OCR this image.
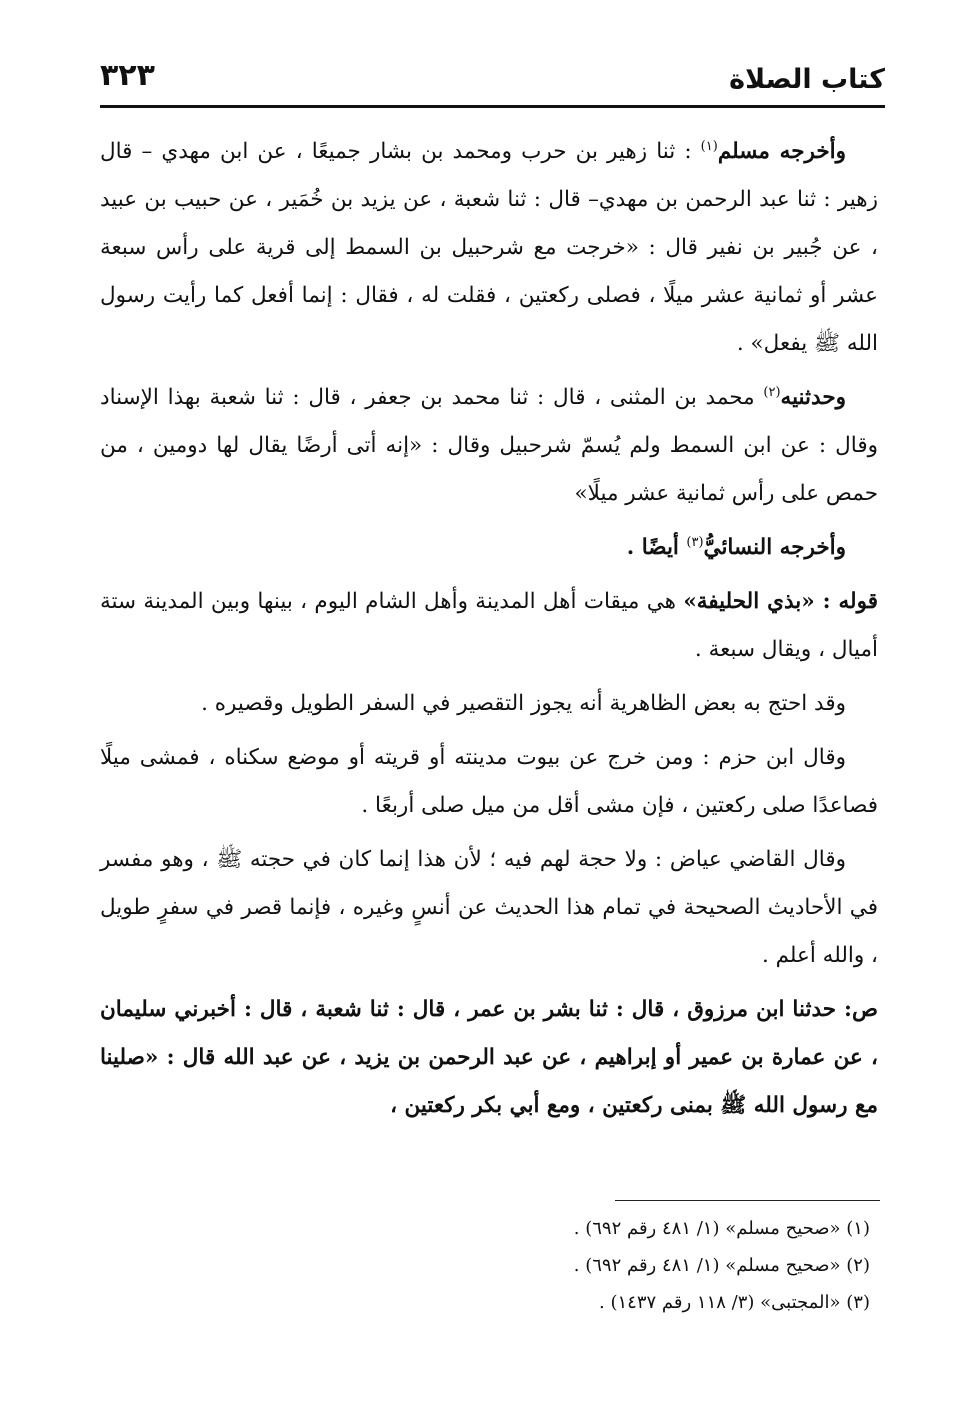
كتاب الصلاة
٣٢٣

وأخرجه مسلم$^{(١)}$ : ثنا زهير بن حرب ومحمد بن بشار جميعًا ، عن ابن مهدي – قال زهير : ثنا عبد الرحمن بن مهدي– قال : ثنا شعبة ، عن يزيد بن خُمَير ، عن حبيب بن عبيد ، عن جُبير بن نفير قال : «خرجت مع شرحبيل بن السمط إلى قرية على رأس سبعة عشر أو ثمانية عشر ميلًا ، فصلى ركعتين ، فقلت له ، فقال : إنما أفعل كما رأيت رسول الله ﷺ يفعل» .

وحدثنيه$^{(٢)}$ محمد بن المثنى ، قال : ثنا محمد بن جعفر ، قال : ثنا شعبة بهذا الإسناد وقال : عن ابن السمط ولم يُسمّ شرحبيل وقال : «إنه أتى أرضًا يقال لها دومين ، من حمص على رأس ثمانية عشر ميلًا»

وأخرجه النسائيُّ$^{(٣)}$ أيضًا .

قوله : «بذي الحليفة» هي ميقات أهل المدينة وأهل الشام اليوم ، بينها وبين المدينة ستة أميال ، ويقال سبعة .

وقد احتج به بعض الظاهرية أنه يجوز التقصير في السفر الطويل وقصيره .

وقال ابن حزم : ومن خرج عن بيوت مدينته أو قريته أو موضع سكناه ، فمشى ميلًا فصاعدًا صلى ركعتين ، فإن مشى أقل من ميل صلى أربعًا .

وقال القاضي عياض : ولا حجة لهم فيه ؛ لأن هذا إنما كان في حجته ﷺ ، وهو مفسر في الأحاديث الصحيحة في تمام هذا الحديث عن أنسٍ وغيره ، فإنما قصر في سفرٍ طويل ، والله أعلم .

ص: حدثنا ابن مرزوق ، قال : ثنا بشر بن عمر ، قال : ثنا شعبة ، قال : أخبرني سليمان ، عن عمارة بن عمير أو إبراهيم ، عن عبد الرحمن بن يزيد ، عن عبد الله قال : «صلينا مع رسول الله ﷺ بمنى ركعتين ، ومع أبي بكر ركعتين ،

(١) «صحيح مسلم» (١/ ٤٨١ رقم ٦٩٢) .

(٢) «صحيح مسلم» (١/ ٤٨١ رقم ٦٩٢) .

(٣) «المجتبى» (٣/ ١١٨ رقم ١٤٣٧) .
